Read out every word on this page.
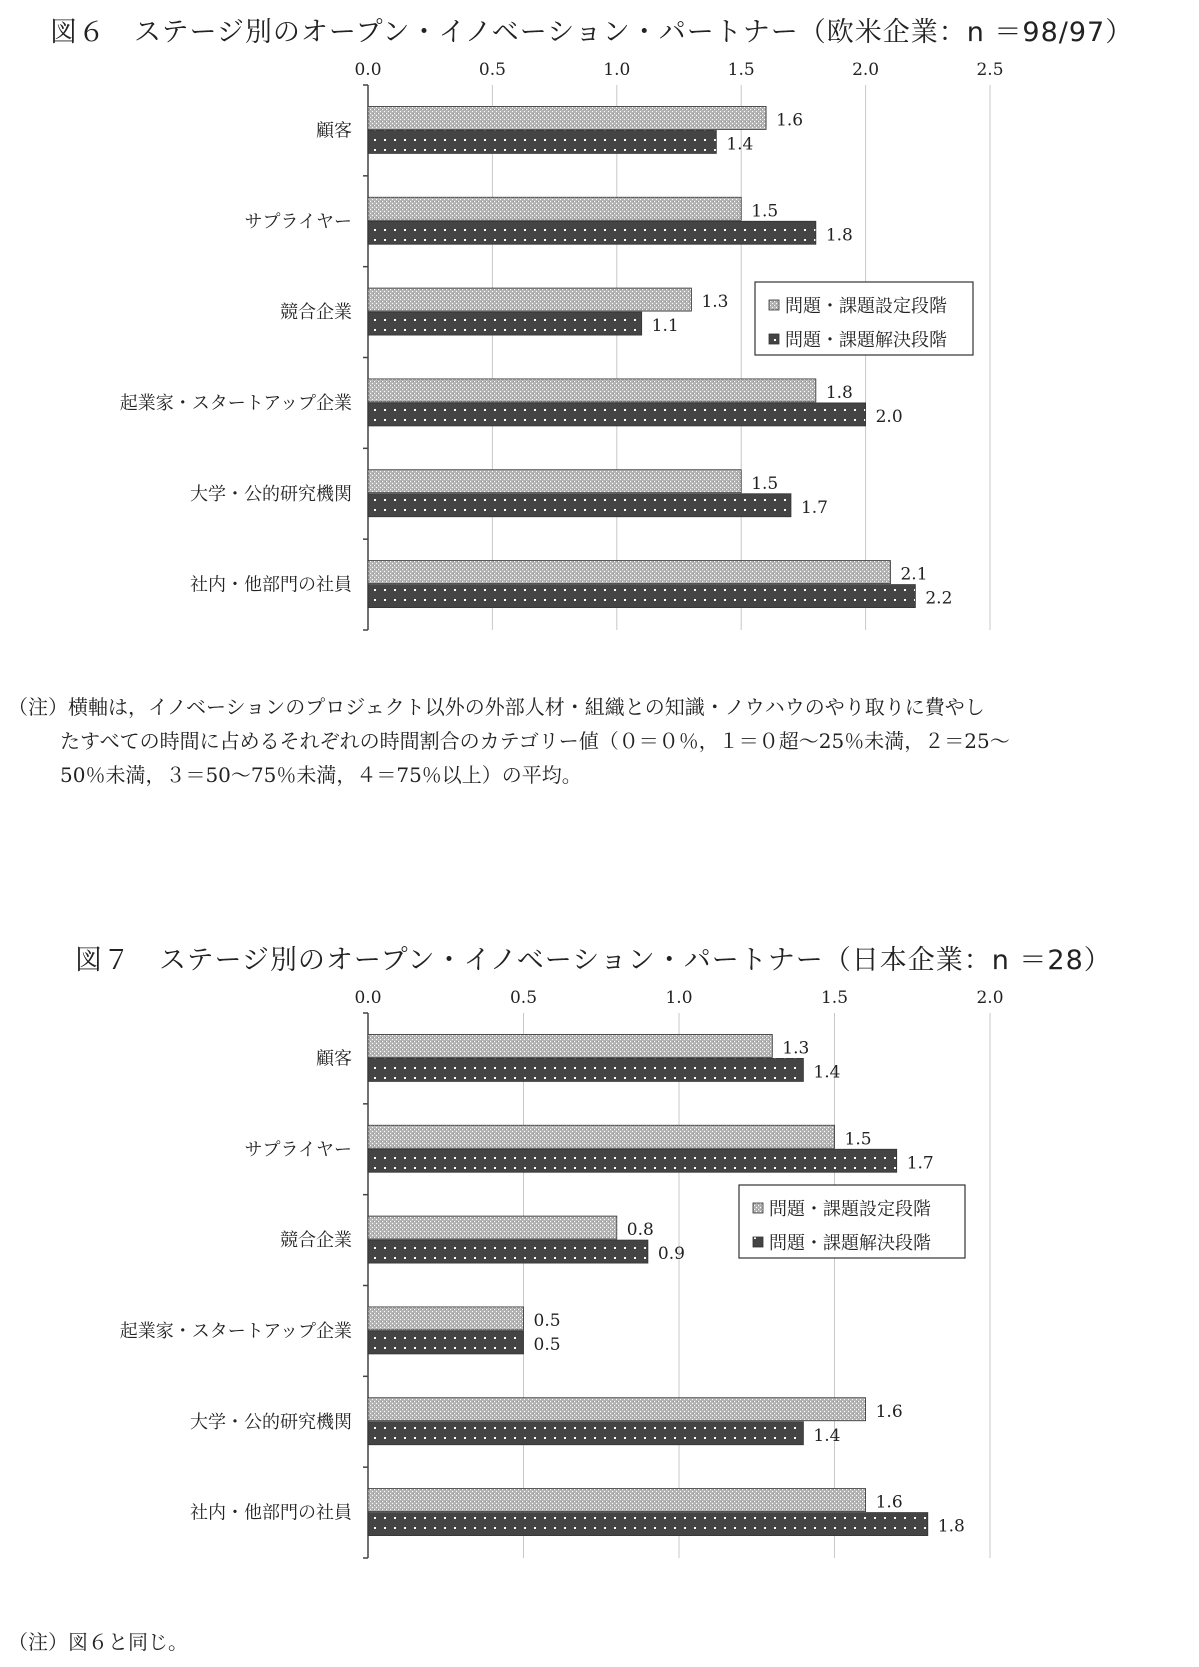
図６　ステージ別のオープン・イノベーション・パートナー（欧米企業：n ＝98/97）
0.0	0.5	1.0	1.5	2.0	2.5
顧客
1.6
1.4
サプライヤー	1.5
1.8
競合企業
1.3
1.1
起業家・スタートアップ企業	1.8
2.0
大学・公的研究機関	1.5
1.7
社内・他部門の社員	2.1
2.2
問題・課題設定段階
問題・課題解決段階
（注）横軸は，イノベーションのプロジェクト以外の外部人材・組織との知識・ノウハウのやり取りに費やし
たすべての時間に占めるそれぞれの時間割合のカテゴリー値（０＝０％，１＝０超～25％未満，２＝25～
50％未満，３＝50～75％未満，４＝75％以上）の平均。
図７　ステージ別のオープン・イノベーション・パートナー（日本企業：n ＝28）
0.0	0.5	1.0	1.5	2.0
顧客	1.3
1.4
サプライヤー	1.5
1.7
競合企業
0.8
0.9
起業家・スタートアップ企業	0.5
0.5
大学・公的研究機関	1.6
1.4
社内・他部門の社員	1.6
1.8
問題・課題設定段階
問題・課題解決段階
（注）図６と同じ。
